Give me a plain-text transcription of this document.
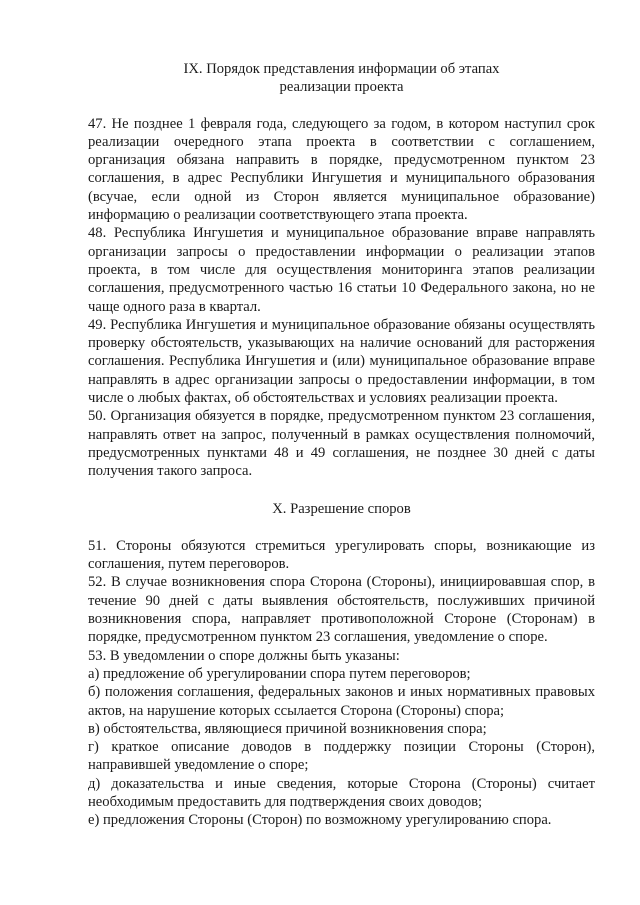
IX. Порядок представления информации об этапах
реализации проекта

47. Не позднее 1 февраля года, следующего за годом, в котором наступил срок реализации очередного этапа проекта в соответствии с соглашением, организация обязана направить в порядке, предусмотренном пунктом 23 соглашения, в адрес Республики Ингушетия и муниципального образования (всучае, если одной из Сторон является муниципальное образование) информацию о реализации соответствующего этапа проекта.

48. Республика Ингушетия и муниципальное образование вправе направлять организации запросы о предоставлении информации о реализации этапов проекта, в том числе для осуществления мониторинга этапов реализации соглашения, предусмотренного частью 16 статьи 10 Федерального закона, но не чаще одного раза в квартал.

49. Республика Ингушетия и муниципальное образование обязаны осуществлять проверку обстоятельств, указывающих на наличие оснований для расторжения соглашения. Республика Ингушетия и (или) муниципальное образование вправе направлять в адрес организации запросы о предоставлении информации, в том числе о любых фактах, об обстоятельствах и условиях реализации проекта.

50. Организация обязуется в порядке, предусмотренном пунктом 23 соглашения, направлять ответ на запрос, полученный в рамках осуществления полномочий, предусмотренных пунктами 48 и 49 соглашения, не позднее 30 дней с даты получения такого запроса.

X. Разрешение споров

51. Стороны обязуются стремиться урегулировать споры, возникающие из соглашения, путем переговоров.

52. В случае возникновения спора Сторона (Стороны), инициировавшая спор, в течение 90 дней с даты выявления обстоятельств, послуживших причиной возникновения спора, направляет противоположной Стороне (Сторонам) в порядке, предусмотренном пунктом 23 соглашения, уведомление о споре.

53. В уведомлении о споре должны быть указаны:

а) предложение об урегулировании спора путем переговоров;

б) положения соглашения, федеральных законов и иных нормативных правовых актов, на нарушение которых ссылается Сторона (Стороны) спора;

в) обстоятельства, являющиеся причиной возникновения спора;

г) краткое описание доводов в поддержку позиции Стороны (Сторон), направившей уведомление о споре;

д) доказательства и иные сведения, которые Сторона (Стороны) считает необходимым предоставить для подтверждения своих доводов;

е) предложения Стороны (Сторон) по возможному урегулированию спора.
